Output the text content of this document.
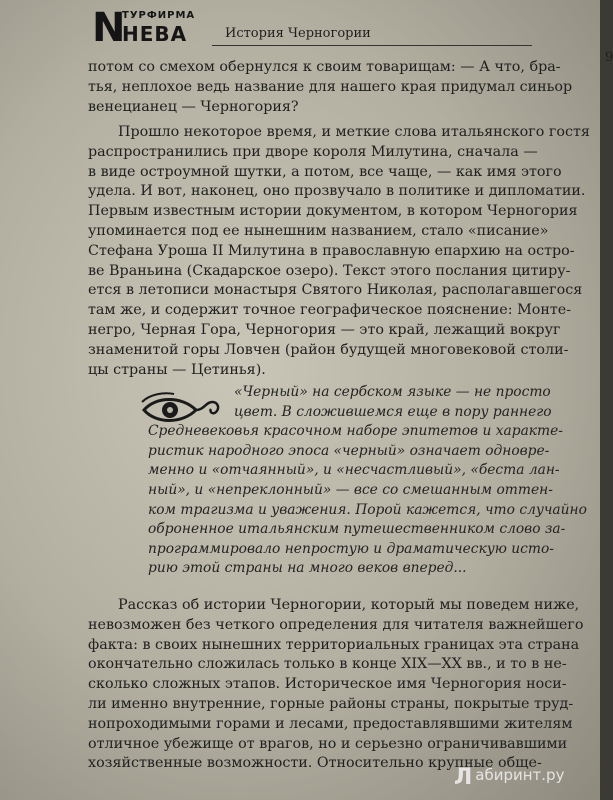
N
ТУРФИРМА
НЕВА	История Черногории
9
потом со смехом обернулся к своим товарищам: — А что, бра-
тья, неплохое ведь название для нашего края придумал синьор
венецианец — Черногория?
Прошло некоторое время, и меткие слова итальянского гостя
распространились при дворе короля Милутина, сначала —
в виде остроумной шутки, а потом, все чаще, — как имя этого
удела. И вот, наконец, оно прозвучало в политике и дипломатии.
Первым известным истории документом, в котором Черногория
упоминается под ее нынешним названием, стало «писание»
Стефана Уроша II Милутина в православную епархию на остро-
ве Враньина (Скадарское озеро). Текст этого послания цитиру-
ется в летописи монастыря Святого Николая, располагавшегося
там же, и содержит точное географическое пояснение: Монте-
негро, Черная Гора, Черногория — это край, лежащий вокруг
знаменитой горы Ловчен (район будущей многовековой столи-
цы страны — Цетинья).
«Черный» на сербском языке — не просто
цвет. В сложившемся еще в пору раннего
Средневековья красочном наборе эпитетов и характе-
ристик народного эпоса «черный» означает одновре-
менно и «отчаянный», и «несчастливый», «беста лан-
ный», и «непреклонный» — все со смешанным оттен-
ком трагизма и уважения. Порой кажется, что случайно
оброненное итальянским путешественником слово за-
программировало непростую и драматическую исто-
рию этой страны на много веков вперед...
Рассказ об истории Черногории, который мы поведем ниже,
невозможен без четкого определения для читателя важнейшего
факта: в своих нынешних территориальных границах эта страна
окончательно сложилась только в конце XIX—XX вв., и то в не-
сколько сложных этапов. Историческое имя Черногория носи-
ли именно внутренние, горные районы страны, покрытые труд-
нопроходимыми горами и лесами, предоставлявшими жителям
отличное убежище от врагов, но и серьезно ограничивавшими
хозяйственные возможности. Относительно крупные обще-
Л абиринт.ру
